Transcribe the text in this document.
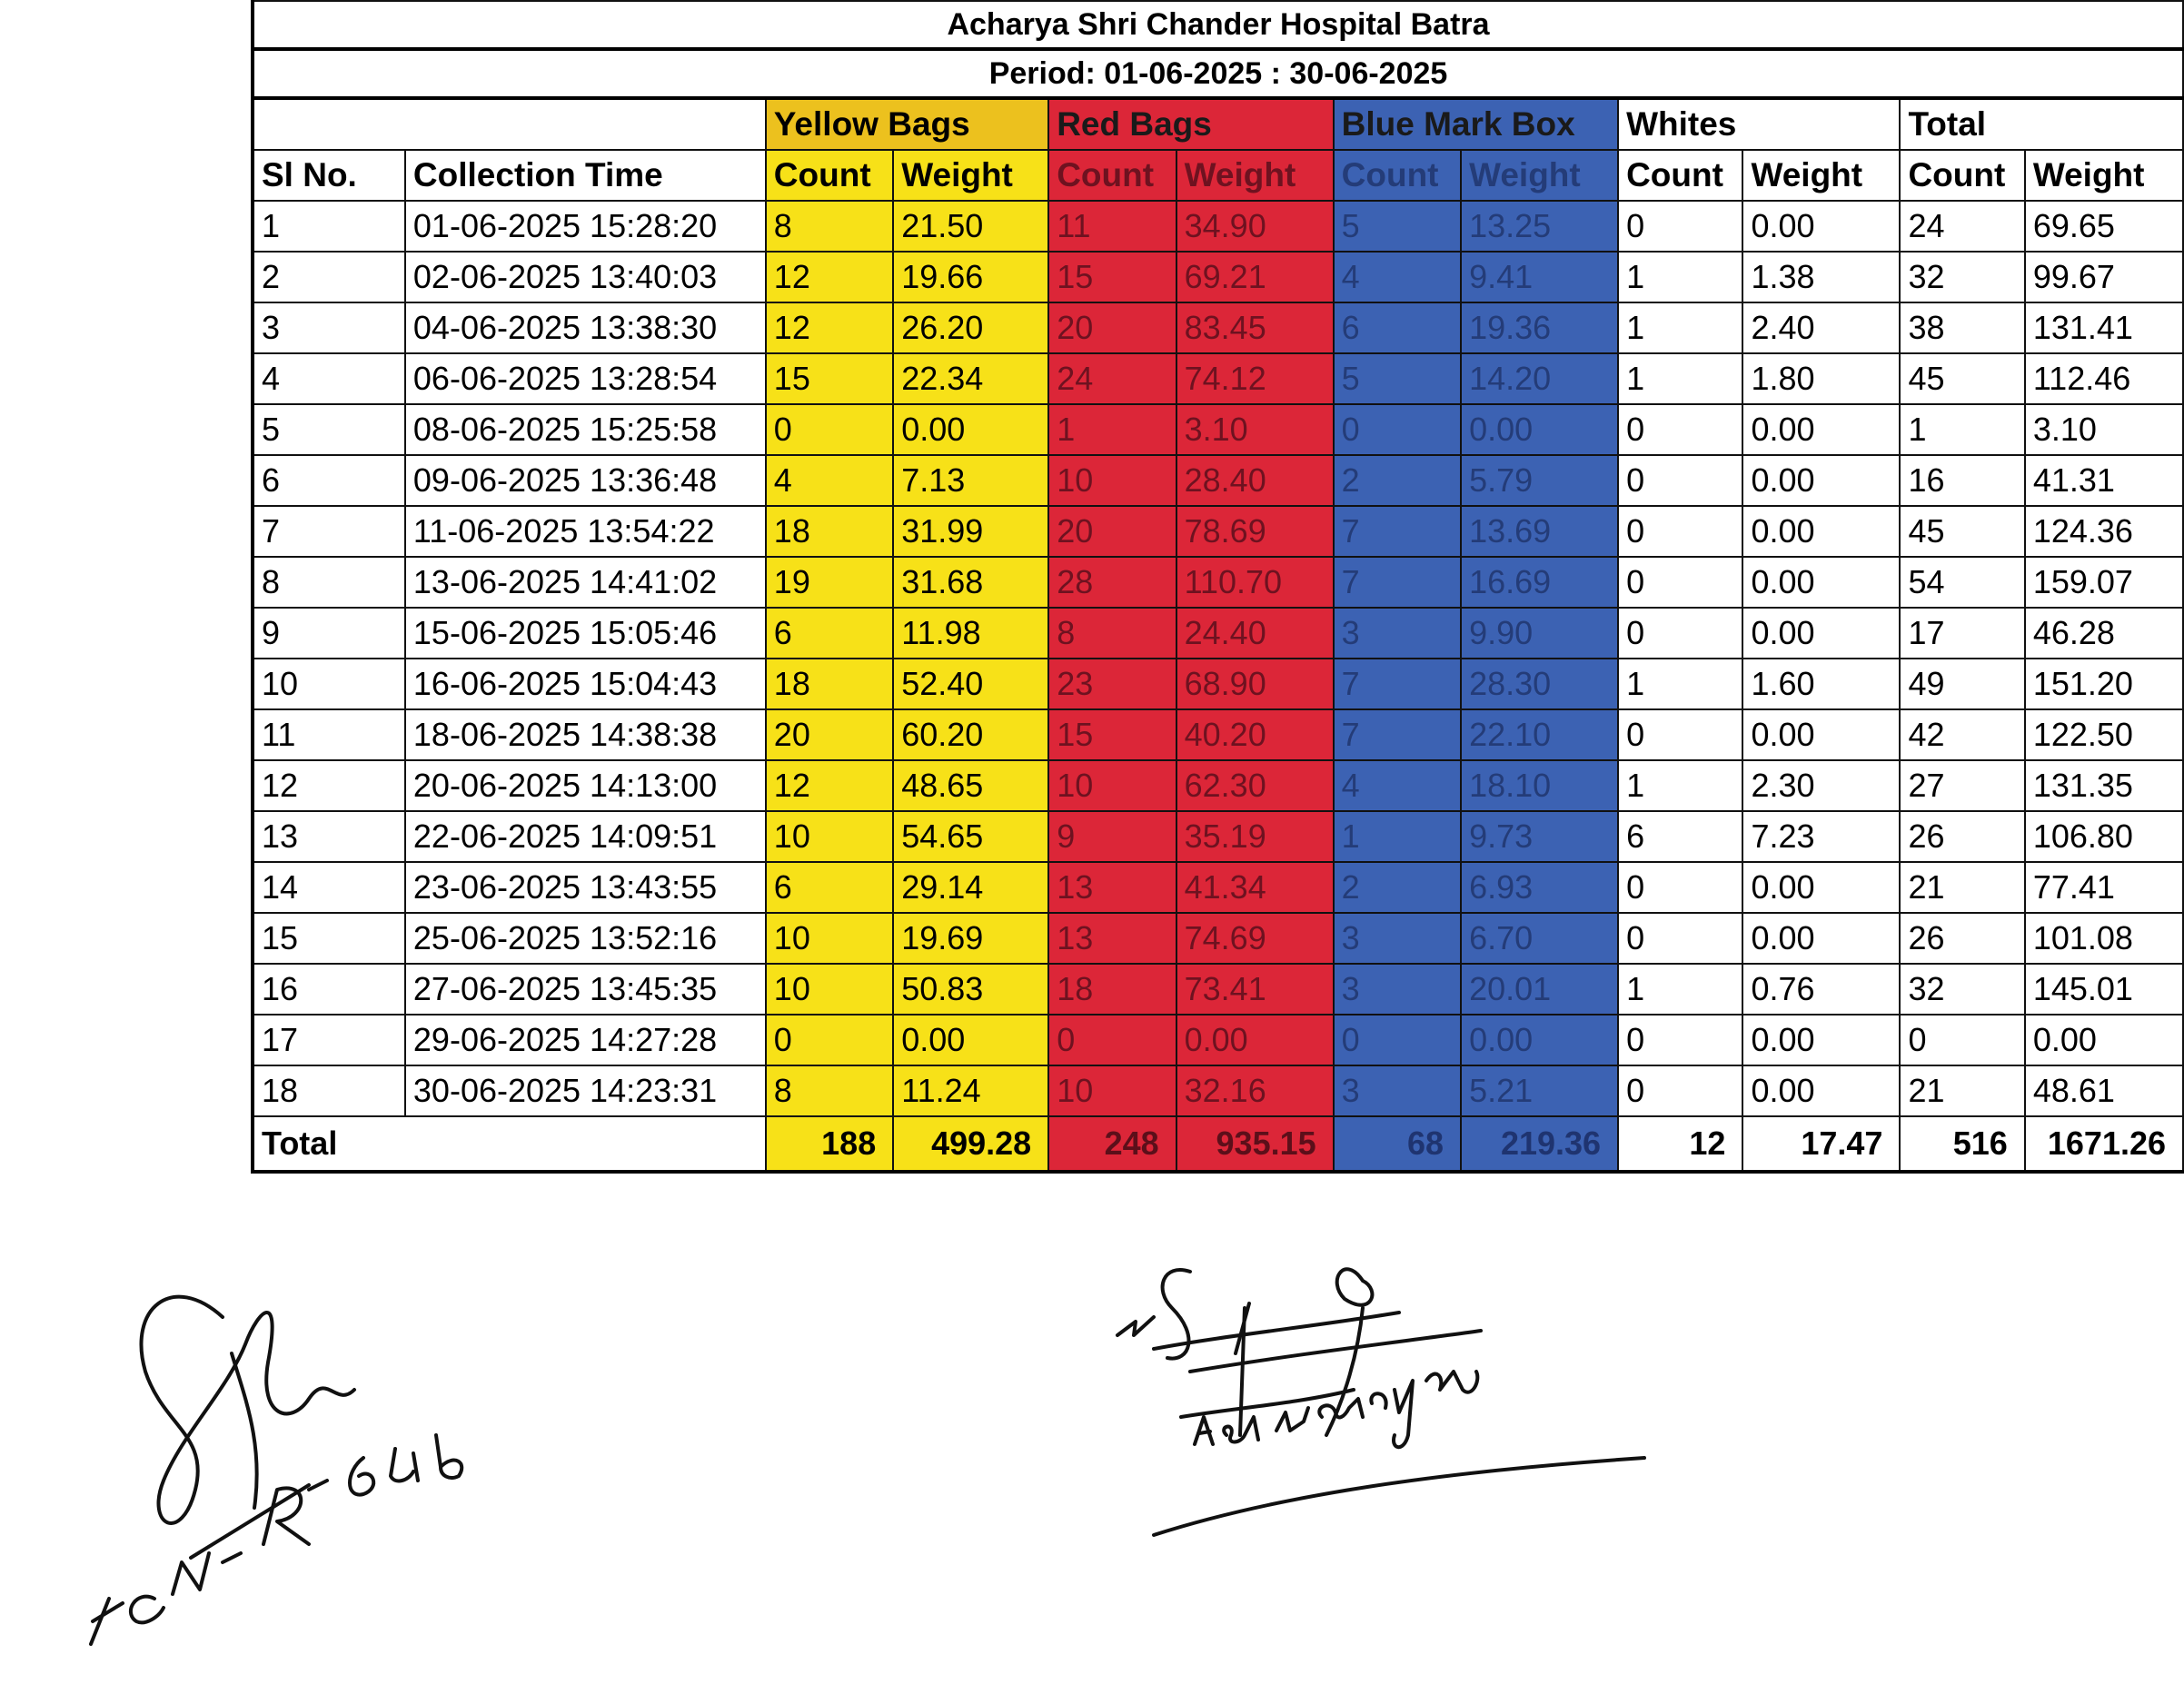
Acharya Shri Chander Hospital Batra											
Period: 01-06-2025 : 30-06-2025											
		Yellow Bags		Red Bags		Blue Mark Box		Whites		Total	
Sl No.	Collection Time	Count	Weight	Count	Weight	Count	Weight	Count	Weight	Count	Weight
1	01-06-2025 15:28:20	8	21.50	11	34.90	5	13.25	0	0.00	24	69.65
2	02-06-2025 13:40:03	12	19.66	15	69.21	4	9.41	1	1.38	32	99.67
3	04-06-2025 13:38:30	12	26.20	20	83.45	6	19.36	1	2.40	38	131.41
4	06-06-2025 13:28:54	15	22.34	24	74.12	5	14.20	1	1.80	45	112.46
5	08-06-2025 15:25:58	0	0.00	1	3.10	0	0.00	0	0.00	1	3.10
6	09-06-2025 13:36:48	4	7.13	10	28.40	2	5.79	0	0.00	16	41.31
7	11-06-2025 13:54:22	18	31.99	20	78.69	7	13.69	0	0.00	45	124.36
8	13-06-2025 14:41:02	19	31.68	28	110.70	7	16.69	0	0.00	54	159.07
9	15-06-2025 15:05:46	6	11.98	8	24.40	3	9.90	0	0.00	17	46.28
10	16-06-2025 15:04:43	18	52.40	23	68.90	7	28.30	1	1.60	49	151.20
11	18-06-2025 14:38:38	20	60.20	15	40.20	7	22.10	0	0.00	42	122.50
12	20-06-2025 14:13:00	12	48.65	10	62.30	4	18.10	1	2.30	27	131.35
13	22-06-2025 14:09:51	10	54.65	9	35.19	1	9.73	6	7.23	26	106.80
14	23-06-2025 13:43:55	6	29.14	13	41.34	2	6.93	0	0.00	21	77.41
15	25-06-2025 13:52:16	10	19.69	13	74.69	3	6.70	0	0.00	26	101.08
16	27-06-2025 13:45:35	10	50.83	18	73.41	3	20.01	1	0.76	32	145.01
17	29-06-2025 14:27:28	0	0.00	0	0.00	0	0.00	0	0.00	0	0.00
18	30-06-2025 14:23:31	8	11.24	10	32.16	3	5.21	0	0.00	21	48.61
Total		188	499.28	248	935.15	68	219.36	12	17.47	516	1671.26
